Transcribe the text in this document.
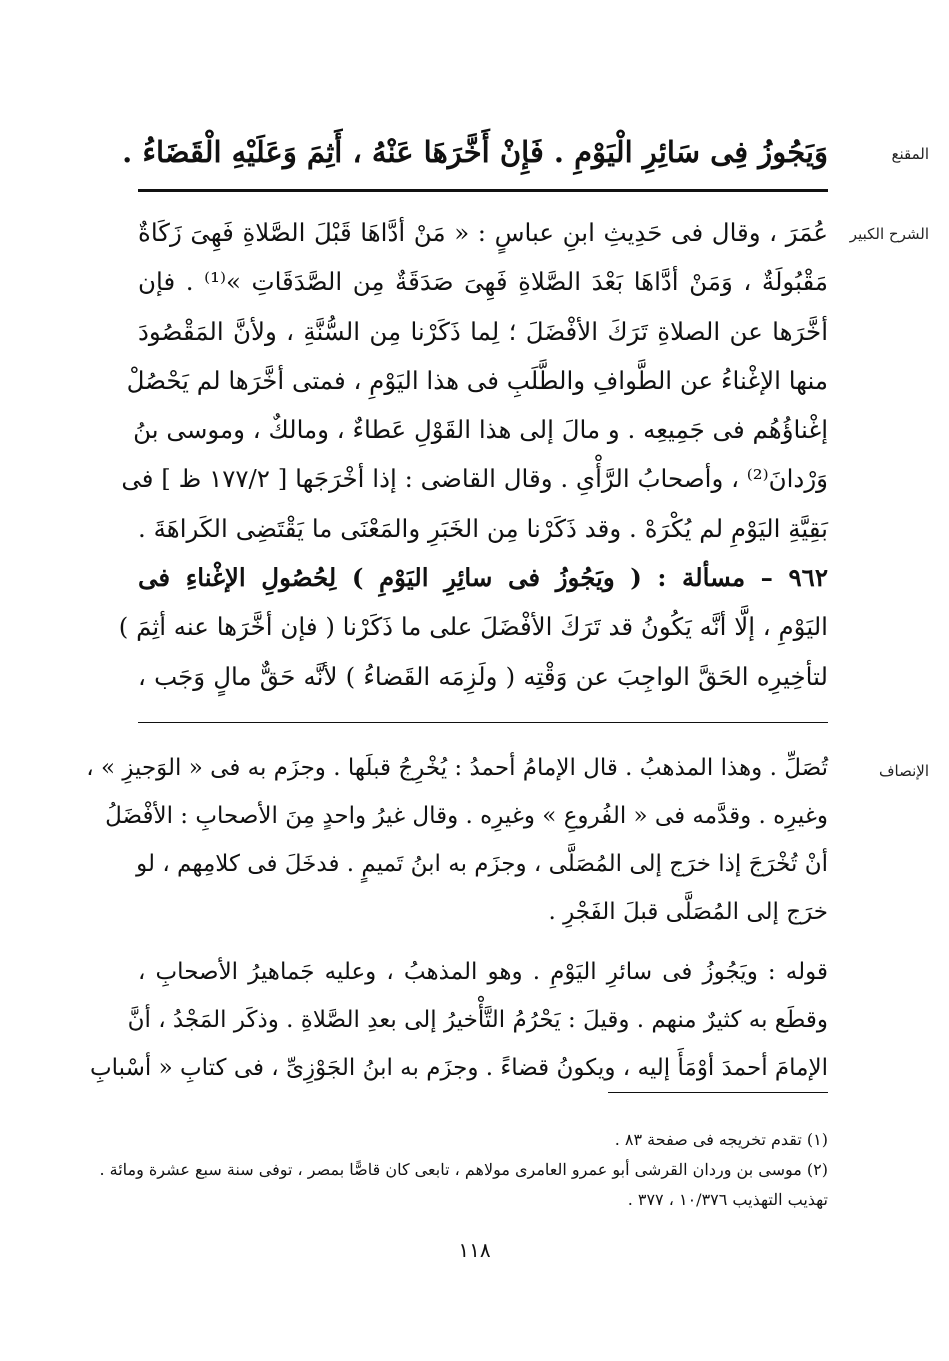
المقنع
وَيَجُوزُ فِى سَائِرِ الْيَوْمِ . فَإِنْ أَخَّرَهَا عَنْهُ ، أَثِمَ وَعَلَيْهِ الْقَضَاءُ .
الشرح الكبير
عُمَرَ ، وقال فى حَدِيثِ ابنِ عباسٍ : « مَنْ أدَّاهَا قَبْلَ الصَّلاةِ فَهِىَ زَكَاةٌ
مَقْبُولَةٌ ، وَمَنْ أدَّاهَا بَعْدَ الصَّلاةِ فَهِىَ صَدَقَةٌ مِن الصَّدَقَاتِ »⁽¹⁾ . فإن
أخَّرَها عن الصلاةِ تَرَكَ الأفْضَلَ ؛ لِما ذَكَرْنا مِن السُّنَّةِ ، ولأنَّ المَقْصُودَ
منها الإغْناءُ عن الطَّوافِ والطَّلَبِ فى هذا اليَوْمِ ، فمتى أخَّرَها لم يَحْصُلْ
إغْناؤُهُم فى جَمِيعِه . و مالَ إلى هذا القَوْلِ عَطاءٌ ، ومالكٌ ، وموسى بنُ
وَرْدانَ⁽²⁾ ، وأصحابُ الرَّأْىِ . وقال القاضى : إذا أخْرَجَها [ ١٧٧/٢ ظ ] فى
بَقِيَّةِ اليَوْمِ لم يُكْرَهْ . وقد ذَكَرْنا مِن الخَبَرِ والمَعْنَى ما يَقْتَضِى الكَراهَةَ .
٩٦٢ – مسألة : ( ويَجُوزُ فى سائِرِ اليَوْمِ ) لِحُصُولِ الإغْناءِ فى
اليَوْمِ ، إلَّا أنَّه يَكُونُ قد تَرَكَ الأفْضَلَ على ما ذَكَرْنا ( فإن أخَّرَها عنه أثِمَ )
لتأخِيرِه الحَقَّ الواجِبَ عن وَقْتِه ( ولَزِمَه القَضاءُ ) لأنَّه حَقٌّ مالٍ وَجَب ،
الإنصاف
تُصَلِّ . وهذا المذهبُ . قال الإمامُ أحمدُ : يُخْرِجُ قبلَها . وجزَم به فى « الوَجيزِ » ،
وغيرِه . وقدَّمه فى « الفُروعِ » وغيرِه . وقال غيرُ واحدٍ مِنَ الأصحابِ : الأفْضَلُ
أنْ تُخْرَجَ إذا خرَج إلى المُصَلَّى ، وجزَم به ابنُ تَميمٍ . فدخَلَ فى كلامِهم ، لو
خرَج إلى المُصَلَّى قبلَ الفَجْرِ .
قوله : ويَجُوزُ فى سائرِ اليَوْمِ . وهو المذهبُ ، وعليه جَماهيرُ الأصحابِ ،
وقطَع به كثيرٌ منهم . وقيلَ : يَحْرُمُ التَّأْخيرُ إلى بعدِ الصَّلاةِ . وذكَر المَجْدُ ، أنَّ
الإمامَ أحمدَ أوْمَأَ إليه ، ويكونُ قضاءً . وجزَم به ابنُ الجَوْزِىِّ ، فى كتابِ « أسْبابِ
(١) تقدم تخريجه فى صفحة ٨٣ .
(٢) موسى بن وردان القرشى أبو عمرو العامرى مولاهم ، تابعى كان قاصًّا بمصر ، توفى سنة سبع عشرة ومائة .
تهذيب التهذيب ١٠/٣٧٦ ، ٣٧٧ .
١١٨
